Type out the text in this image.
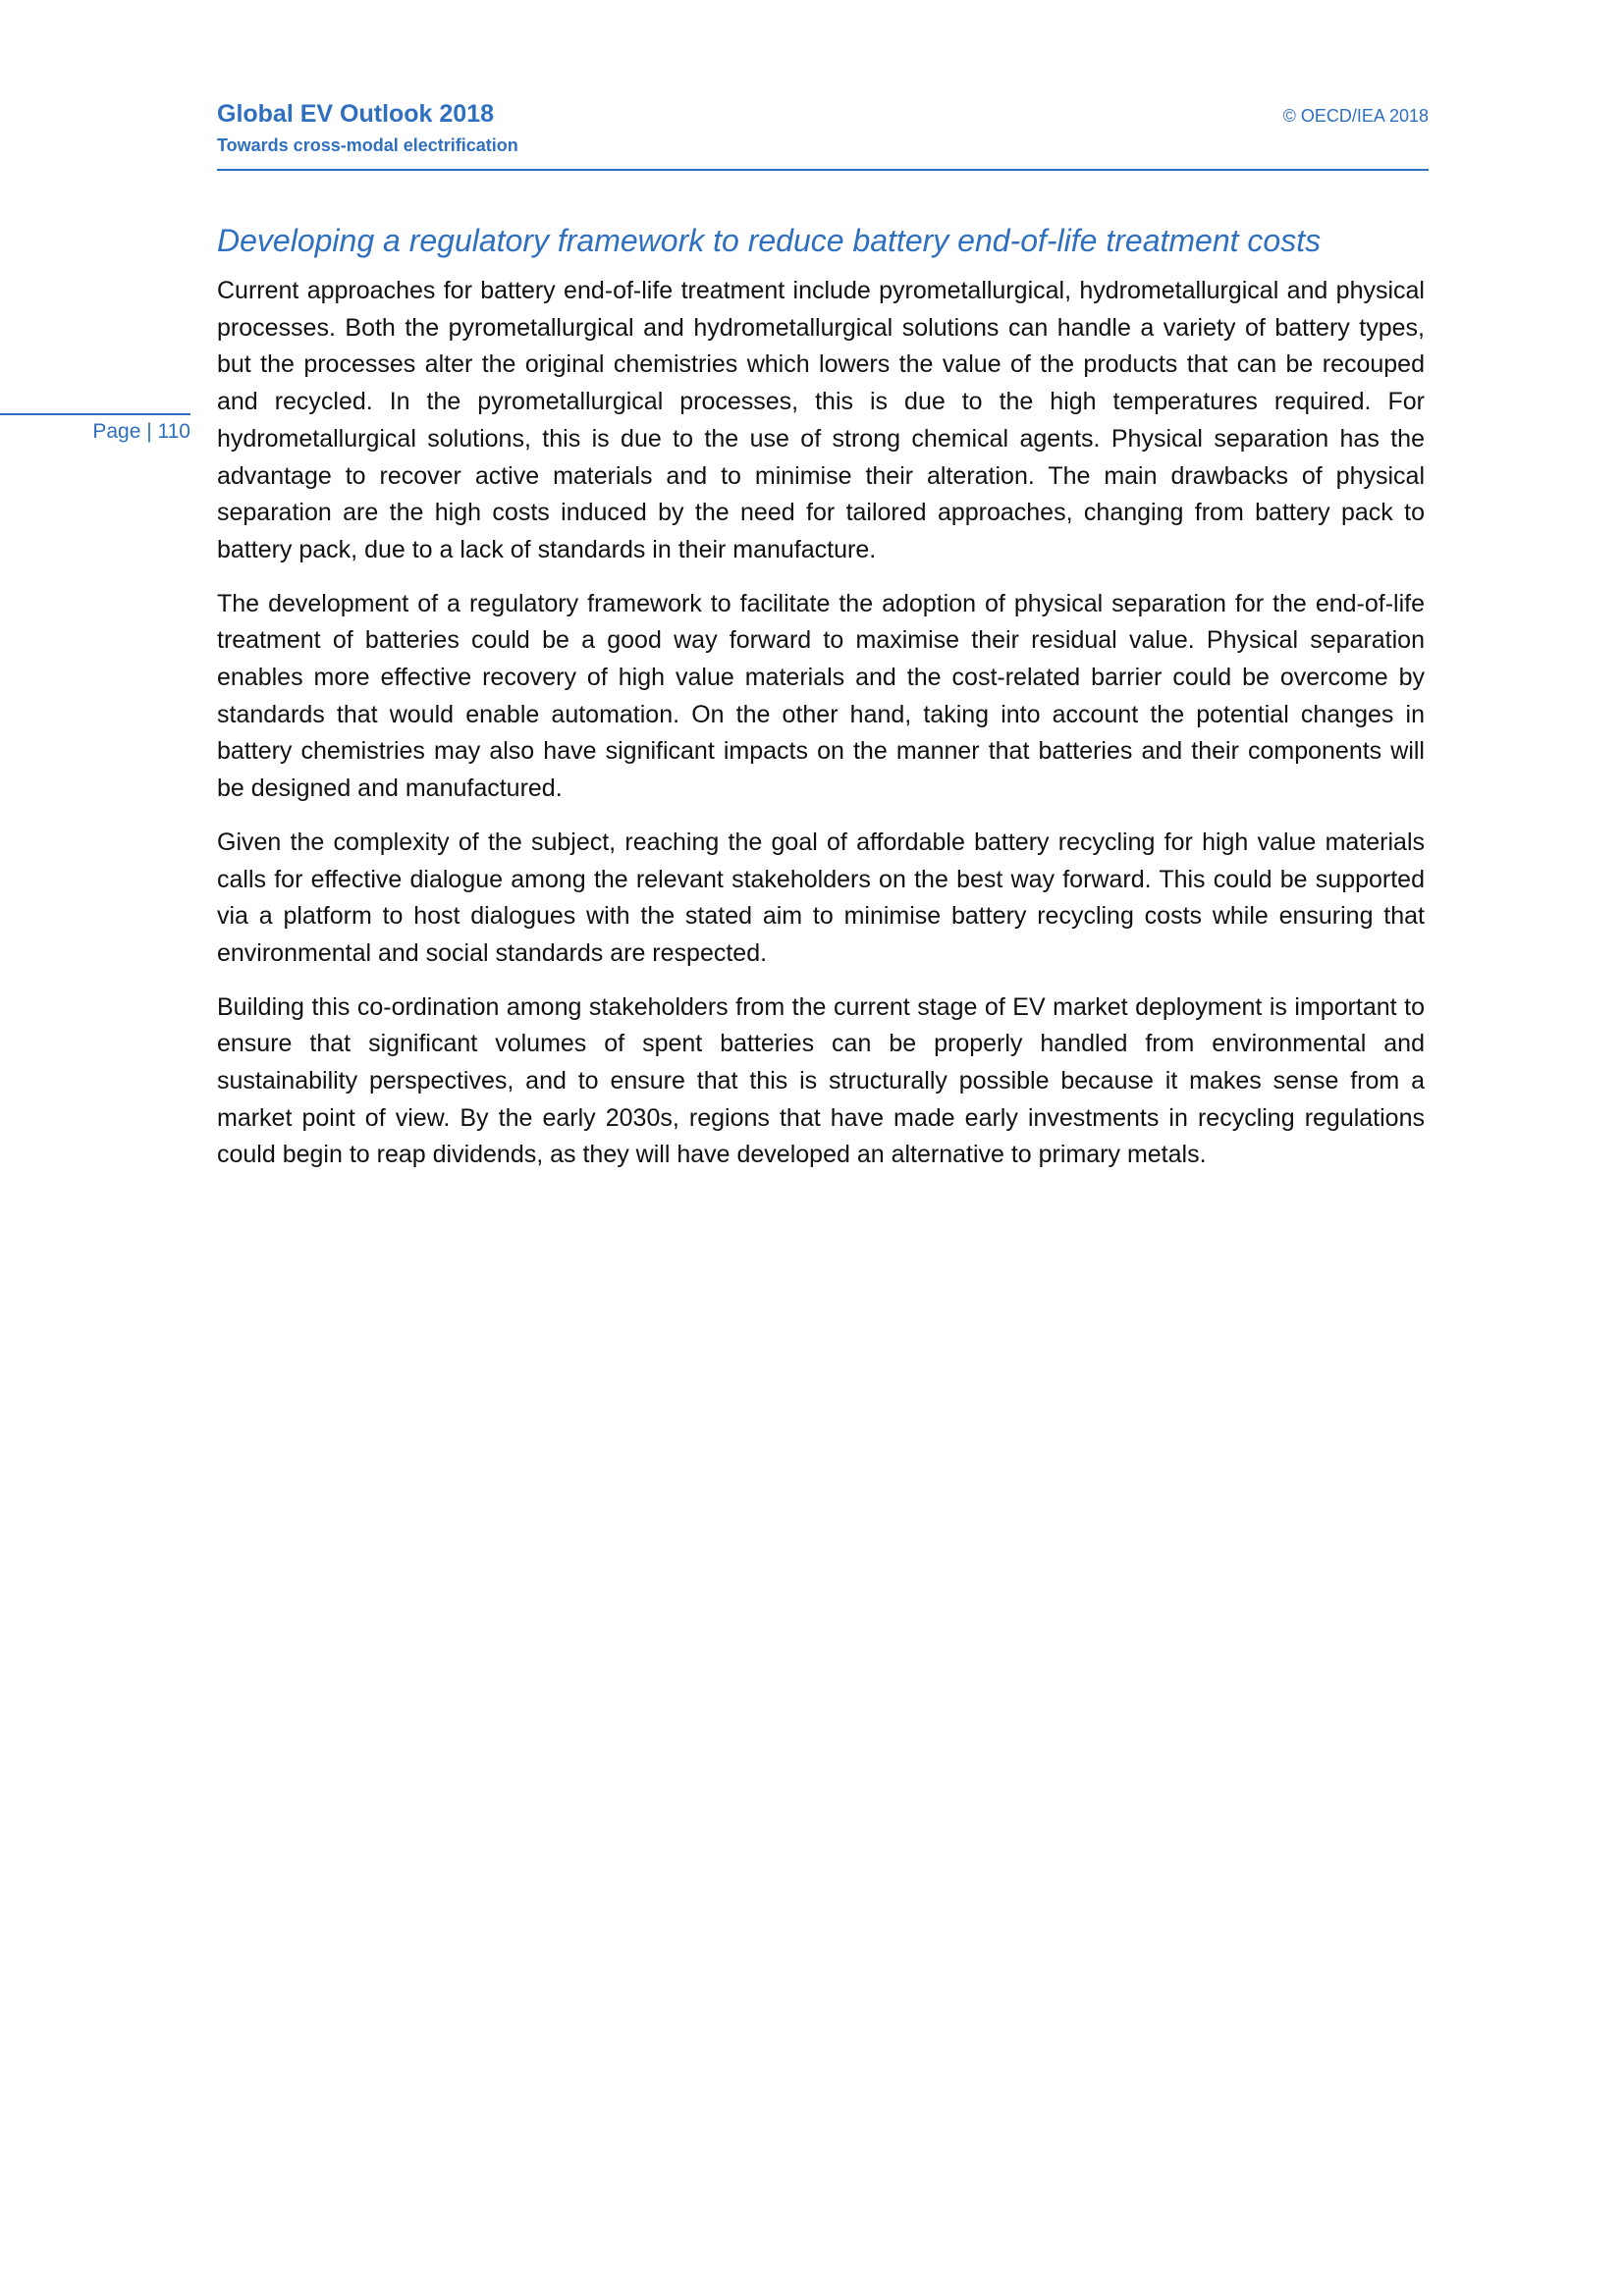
Global EV Outlook 2018
Towards cross-modal electrification
© OECD/IEA 2018
Page | 110
Developing a regulatory framework to reduce battery end-of-life treatment costs

Current approaches for battery end-of-life treatment include pyrometallurgical, hydrometallurgical and physical processes. Both the pyrometallurgical and hydrometallurgical solutions can handle a variety of battery types, but the processes alter the original chemistries which lowers the value of the products that can be recouped and recycled. In the pyrometallurgical processes, this is due to the high temperatures required. For hydrometallurgical solutions, this is due to the use of strong chemical agents. Physical separation has the advantage to recover active materials and to minimise their alteration. The main drawbacks of physical separation are the high costs induced by the need for tailored approaches, changing from battery pack to battery pack, due to a lack of standards in their manufacture.

The development of a regulatory framework to facilitate the adoption of physical separation for the end-of-life treatment of batteries could be a good way forward to maximise their residual value. Physical separation enables more effective recovery of high value materials and the cost-related barrier could be overcome by standards that would enable automation. On the other hand, taking into account the potential changes in battery chemistries may also have significant impacts on the manner that batteries and their components will be designed and manufactured.

Given the complexity of the subject, reaching the goal of affordable battery recycling for high value materials calls for effective dialogue among the relevant stakeholders on the best way forward. This could be supported via a platform to host dialogues with the stated aim to minimise battery recycling costs while ensuring that environmental and social standards are respected.

Building this co-ordination among stakeholders from the current stage of EV market deployment is important to ensure that significant volumes of spent batteries can be properly handled from environmental and sustainability perspectives, and to ensure that this is structurally possible because it makes sense from a market point of view. By the early 2030s, regions that have made early investments in recycling regulations could begin to reap dividends, as they will have developed an alternative to primary metals.
